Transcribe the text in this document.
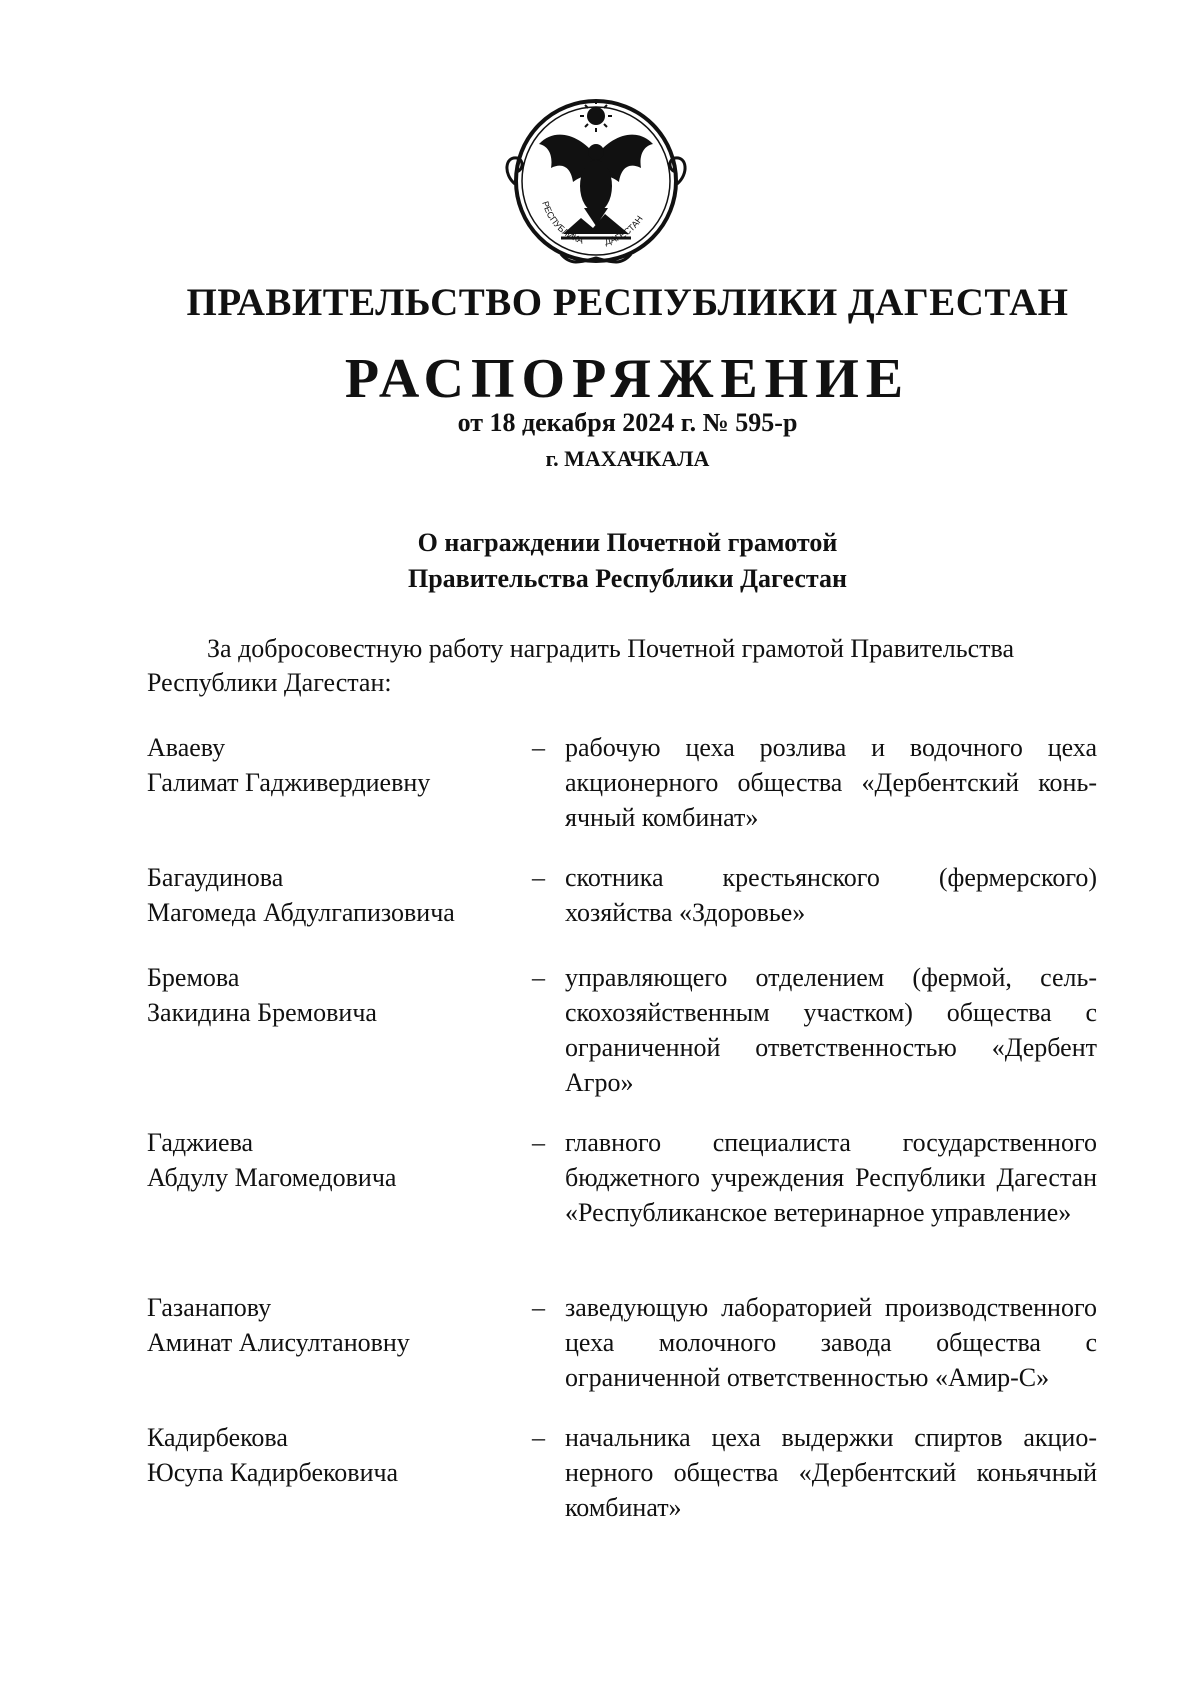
РЕСПУБЛИКА ДАГЕСТАН
ПРАВИТЕЛЬСТВО РЕСПУБЛИКИ ДАГЕСТАН
РАСПОРЯЖЕНИЕ
от 18 декабря 2024 г. № 595-р
г. МАХАЧКАЛА
О награждении Почетной грамотой
Правительства Республики Дагестан
За добросовестную работу наградить Почетной грамотой Правительства Республики Дагестан:
Аваеву
Галимат Гадживердиевну
– рабочую цеха розлива и водочного цеха акционерного общества «Дербентский коньячный комбинат»
Багаудинова
Магомеда Абдулгапизовича
– скотника крестьянского (фермерского) хозяйства «Здоровье»
Бремова
Закидина Бремовича
– управляющего отделением (фермой, сельскохозяйственным участком) общества с ограниченной ответственностью «Дербент Агро»
Гаджиева
Абдулу Магомедовича
– главного специалиста государственного бюджетного учреждения Республики Дагестан «Республиканское ветеринарное управление»
Газанапову
Аминат Алисултановну
– заведующую лабораторией производственного цеха молочного завода общества с ограниченной ответственностью «Амир-С»
Кадирбекова
Юсупа Кадирбековича
– начальника цеха выдержки спиртов акционерного общества «Дербентский коньячный комбинат»
